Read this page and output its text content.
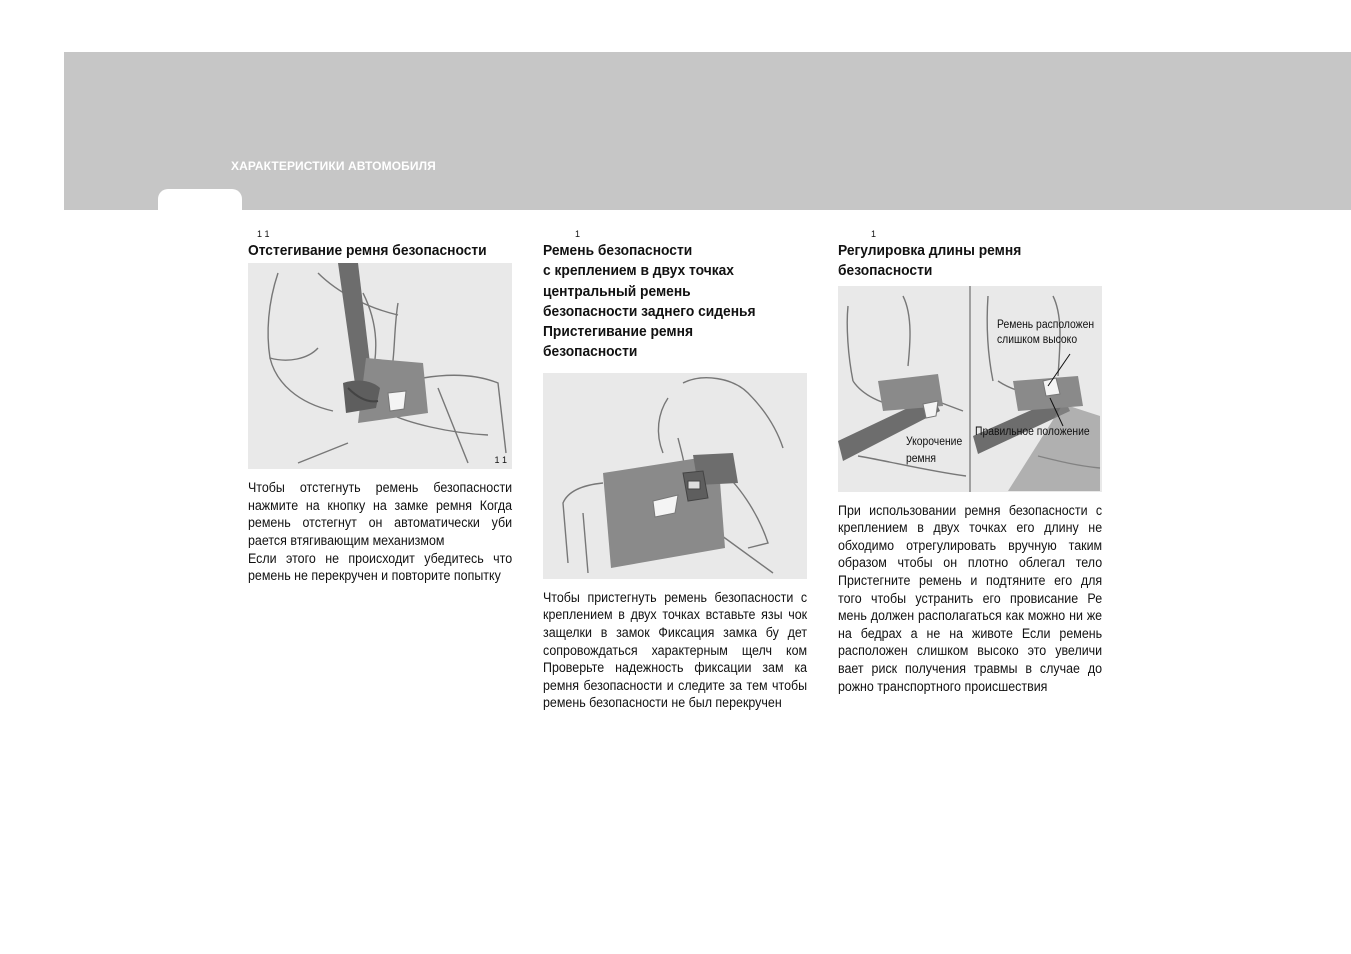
ХАРАКТЕРИСТИКИ АВТОМОБИЛЯ
1 1
Отстегивание ремня безопасности
1 1

Чтобы отстегнуть ремень безопасности нажмите на кнопку на замке ремня Когда ремень отстегнут он автоматически уби рается втягивающим механизмом

Если этого не происходит убедитесь что ремень не перекручен и повторите попытку

1
Ремень безопасности
с креплением в двух точках
центральный ремень
безопасности заднего сиденья
Пристегивание ремня
безопасности

Чтобы пристегнуть ремень безопасности с креплением в двух точках вставьте язы чок защелки в замок Фиксация замка бу дет сопровождаться характерным щелч ком Проверьте надежность фиксации зам ка ремня безопасности и следите за тем чтобы ремень безопасности не был перекручен

1
Регулировка длины ремня
безопасности
Ремень расположен
слишком высоко
Правильное положение
Укорочение
ремня

При использовании ремня безопасности с креплением в двух точках его длину не обходимо отрегулировать вручную таким образом чтобы он плотно облегал тело Пристегните ремень и подтяните его для того чтобы устранить его провисание Ре мень должен располагаться как можно ни же на бедрах а не на животе Если ремень расположен слишком высоко это увеличи вает риск получения травмы в случае до рожно транспортного происшествия
